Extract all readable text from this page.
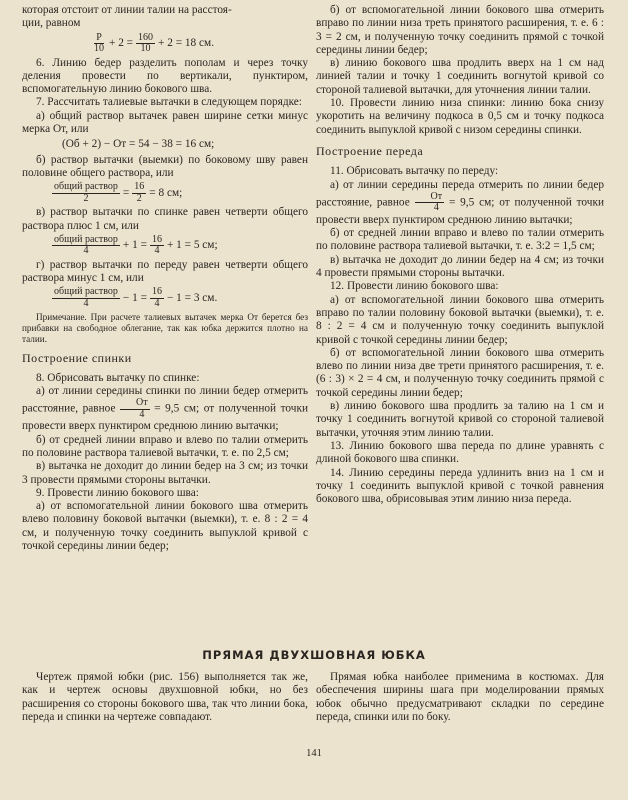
которая отстоит от линии талии на расстоя-
ции, равном

$\frac{Р}{10} + 2 = \frac{160}{10} + 2 = 18$ см.

6. Линию бедер разделить пополам и через точку деления провести по вертикали, пунктиром, вспомогательную линию бокового шва.

7. Рассчитать талиевые вытачки в следующем порядке:

а) общий раствор вытачек равен ширине сетки минус мерка От, или

(Об + 2) − От = 54 − 38 = 16 см;

б) раствор вытачки (выемки) по боковому шву равен половине общего раствора, или

$\frac{\text{общий раствор}}{2} = \frac{16}{2} = 8$ см;

в) раствор вытачки по спинке равен четверти общего раствора плюс 1 см, или

$\frac{\text{общий раствор}}{4} + 1 = \frac{16}{4} + 1 = 5$ см;

г) раствор вытачки по переду равен четверти общего раствора минус 1 см, или

$\frac{\text{общий раствор}}{4} - 1 = \frac{16}{4} - 1 = 3$ см.

Примечание. При расчете талиевых вытачек мерка От берется без прибавки на свободное облегание, так как юбка держится плотно на талии.

Построение спинки

8. Обрисовать вытачку по спинке:

а) от линии середины спинки по линии бедер отмерить расстояние, равное $\frac{От}{4} = 9,5$ см; от полученной точки провести вверх пунктиром среднюю линию вытачки;

б) от средней линии вправо и влево по талии отмерить по половине раствора талиевой вытачки, т. е. по 2,5 см;

в) вытачка не доходит до линии бедер на 3 см; из точки 3 провести прямыми стороны вытачки.

9. Провести линию бокового шва:

а) от вспомогательной линии бокового шва отмерить влево половину боковой вытачки (выемки), т. е. 8 : 2 = 4 см, и полученную точку соединить выпуклой кривой с точкой середины линии бедер;

б) от вспомогательной линии бокового шва отмерить вправо по линии низа треть принятого расширения, т. е. 6 : 3 = 2 см, и полученную точку соединить прямой с точкой середины линии бедер;

в) линию бокового шва продлить вверх на 1 см над линией талии и точку 1 соединить вогнутой кривой со стороной талиевой вытачки, для уточнения линии талии.

10. Провести линию низа спинки: линию бока снизу укоротить на величину подкоса в 0,5 см и точку подкоса соединить выпуклой кривой с низом середины спинки.

Построение переда

11. Обрисовать вытачку по переду:

а) от линии середины переда отмерить по линии бедер расстояние, равное $\frac{От}{4} = 9,5$ см; от полученной точки провести вверх пунктиром среднюю линию вытачки;

б) от средней линии вправо и влево по талии отмерить по половине раствора талиевой вытачки, т. е. 3:2 = 1,5 см;

в) вытачка не доходит до линии бедер на 4 см; из точки 4 провести прямыми стороны вытачки.

12. Провести линию бокового шва:

а) от вспомогательной линии бокового шва отмерить вправо по талии половину боковой вытачки (выемки), т. е. 8 : 2 = 4 см и полученную точку соединить выпуклой кривой с точкой середины линии бедер;

б) от вспомогательной линии бокового шва отмерить влево по линии низа две трети принятого расширения, т. е. (6 : 3) × 2 = 4 см, и полученную точку соединить прямой с точкой середины линии бедер;

в) линию бокового шва продлить за талию на 1 см и точку 1 соединить вогнутой кривой со стороной талиевой вытачки, уточняя этим линию талии.

13. Линию бокового шва переда по длине уравнять с длиной бокового шва спинки.

14. Линию середины переда удлинить вниз на 1 см и точку 1 соединить выпуклой кривой с точкой равнения бокового шва, обрисовывая этим линию низа переда.

ПРЯМАЯ ДВУХШОВНАЯ ЮБКА

Чертеж прямой юбки (рис. 156) выполняется так же, как и чертеж основы двухшовной юбки, но без расширения со стороны бокового шва, так что линии бока, переда и спинки на чертеже совпадают.

Прямая юбка наиболее применима в костюмах. Для обеспечения ширины шага при моделировании прямых юбок обычно предусматривают складки по середине переда, спинки или по боку.

141
